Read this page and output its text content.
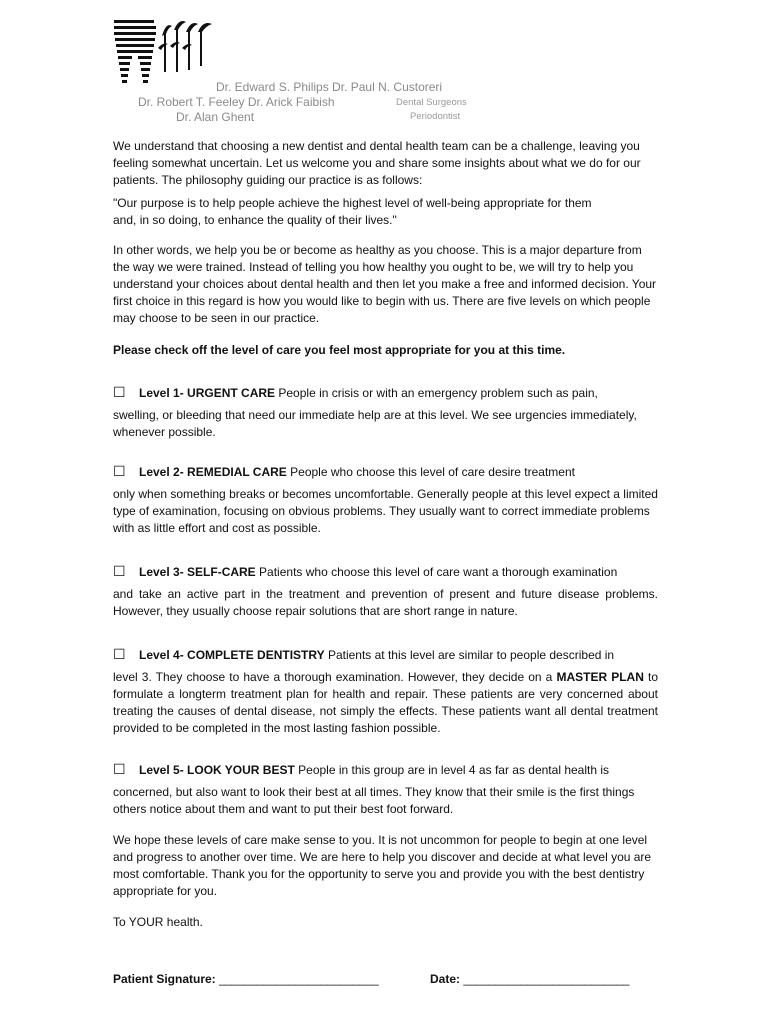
Dr. Edward S. Philips Dr. Paul N. Custoreri
Dr. Robert T. Feeley Dr. Arick Faibish
Dr. Alan Ghent
Dental Surgeons
Periodontist

We understand that choosing a new dentist and dental health team can be a challenge, leaving you feeling somewhat uncertain. Let us welcome you and share some insights about what we do for our patients. The philosophy guiding our practice is as follows:

"Our purpose is to help people achieve the highest level of well-being appropriate for them
and, in so doing, to enhance the quality of their lives."

In other words, we help you be or become as healthy as you choose. This is a major departure from the way we were trained. Instead of telling you how healthy you ought to be, we will try to help you understand your choices about dental health and then let you make a free and informed decision. Your first choice in this regard is how you would like to begin with us. There are five levels on which people may choose to be seen in our practice.

Please check off the level of care you feel most appropriate for you at this time.

☐ Level 1- URGENT CARE People in crisis or with an emergency problem such as pain,
swelling, or bleeding that need our immediate help are at this level. We see urgencies immediately, whenever possible.
☐ Level 2- REMEDIAL CARE People who choose this level of care desire treatment
only when something breaks or becomes uncomfortable. Generally people at this level expect a limited type of examination, focusing on obvious problems. They usually want to correct immediate problems with as little effort and cost as possible.
☐ Level 3- SELF-CARE Patients who choose this level of care want a thorough examination
and take an active part in the treatment and prevention of present and future disease problems. However, they usually choose repair solutions that are short range in nature.
☐ Level 4- COMPLETE DENTISTRY Patients at this level are similar to people described in
level 3. They choose to have a thorough examination. However, they decide on a MASTER PLAN to formulate a longterm treatment plan for health and repair. These patients are very concerned about treating the causes of dental disease, not simply the effects. These patients want all dental treatment provided to be completed in the most lasting fashion possible.
☐ Level 5- LOOK YOUR BEST People in this group are in level 4 as far as dental health is
concerned, but also want to look their best at all times. They know that their smile is the first things others notice about them and want to put their best foot forward.

We hope these levels of care make sense to you. It is not uncommon for people to begin at one level and progress to another over time. We are here to help you discover and decide at what level you are most comfortable. Thank you for the opportunity to serve you and provide you with the best dentistry appropriate for you.

To YOUR health.

Patient Signature: _________________________	Date: __________________________
